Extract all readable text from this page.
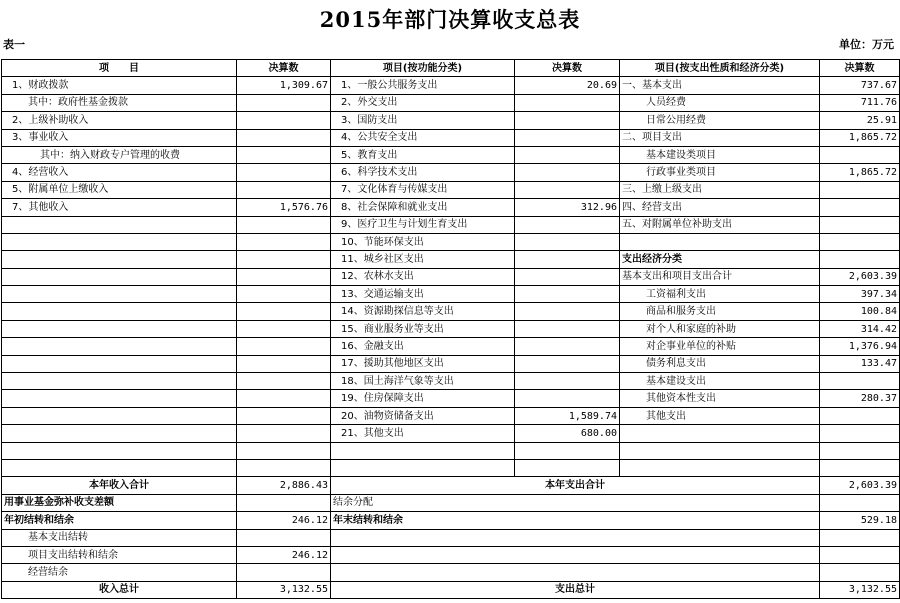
2015年部门决算收支总表
表一	单位：万元
项　　目	决算数	项目(按功能分类)	决算数	项目(按支出性质和经济分类)	决算数
1、财政拨款	1,309.67	1、一般公共服务支出	20.69	一、基本支出	737.67
其中：政府性基金拨款		2、外交支出		人员经费	711.76
2、上级补助收入		3、国防支出		日常公用经费	25.91
3、事业收入		4、公共安全支出		二、项目支出	1,865.72
其中：纳入财政专户管理的收费		5、教育支出		基本建设类项目	
4、经营收入		6、科学技术支出		行政事业类项目	1,865.72
5、附属单位上缴收入		7、文化体育与传媒支出		三、上缴上级支出	
7、其他收入	1,576.76	8、社会保障和就业支出	312.96	四、经营支出	
		9、医疗卫生与计划生育支出		五、对附属单位补助支出	
		10、节能环保支出			
		11、城乡社区支出		支出经济分类	
		12、农林水支出		基本支出和项目支出合计	2,603.39
		13、交通运输支出		工资福利支出	397.34
		14、资源勘探信息等支出		商品和服务支出	100.84
		15、商业服务业等支出		对个人和家庭的补助	314.42
		16、金融支出		对企事业单位的补贴	1,376.94
		17、援助其他地区支出		债务利息支出	133.47
		18、国土海洋气象等支出		基本建设支出	
		19、住房保障支出		其他资本性支出	280.37
		20、油物资储备支出	1,589.74	其他支出	
		21、其他支出	680.00		

本年收入合计	2,886.43	本年支出合计			2,603.39
用事业基金弥补收支差额		结余分配			
年初结转和结余	246.12	年末结转和结余			529.18
基本支出结转					
项目支出结转和结余	246.12				
经营结余					
收入总计	3,132.55	支出总计			3,132.55
